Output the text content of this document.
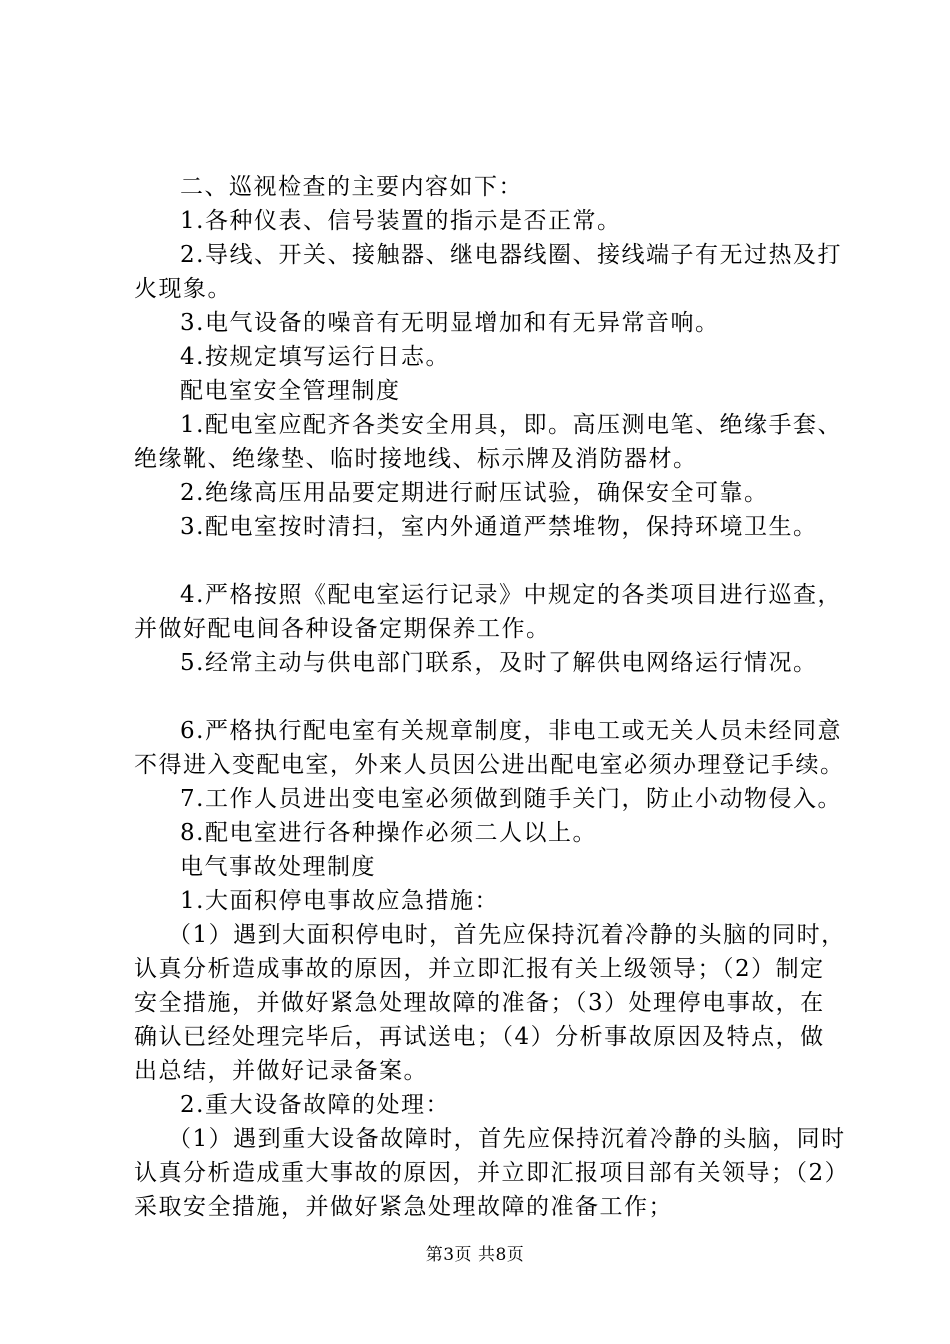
二、巡视检查的主要内容如下：

1.各种仪表、信号装置的指示是否正常。

2.导线、开关、接触器、继电器线圈、接线端子有无过热及打火现象。

3.电气设备的噪音有无明显增加和有无异常音响。

4.按规定填写运行日志。

配电室安全管理制度

1.配电室应配齐各类安全用具，即。高压测电笔、绝缘手套、绝缘靴、绝缘垫、临时接地线、标示牌及消防器材。

2.绝缘高压用品要定期进行耐压试验，确保安全可靠。

3.配电室按时清扫，室内外通道严禁堆物，保持环境卫生。

4.严格按照《配电室运行记录》中规定的各类项目进行巡查，并做好配电间各种设备定期保养工作。

5.经常主动与供电部门联系，及时了解供电网络运行情况。

6.严格执行配电室有关规章制度，非电工或无关人员未经同意不得进入变配电室，外来人员因公进出配电室必须办理登记手续。

7.工作人员进出变电室必须做到随手关门，防止小动物侵入。

8.配电室进行各种操作必须二人以上。

电气事故处理制度

1.大面积停电事故应急措施：

（1）遇到大面积停电时，首先应保持沉着冷静的头脑的同时，认真分析造成事故的原因，并立即汇报有关上级领导；（2）制定安全措施，并做好紧急处理故障的准备；（3）处理停电事故，在确认已经处理完毕后，再试送电；（4）分析事故原因及特点，做出总结，并做好记录备案。

2.重大设备故障的处理：

（1）遇到重大设备故障时，首先应保持沉着冷静的头脑，同时认真分析造成重大事故的原因，并立即汇报项目部有关领导；（2）采取安全措施，并做好紧急处理故障的准备工作；

第3页 共8页
